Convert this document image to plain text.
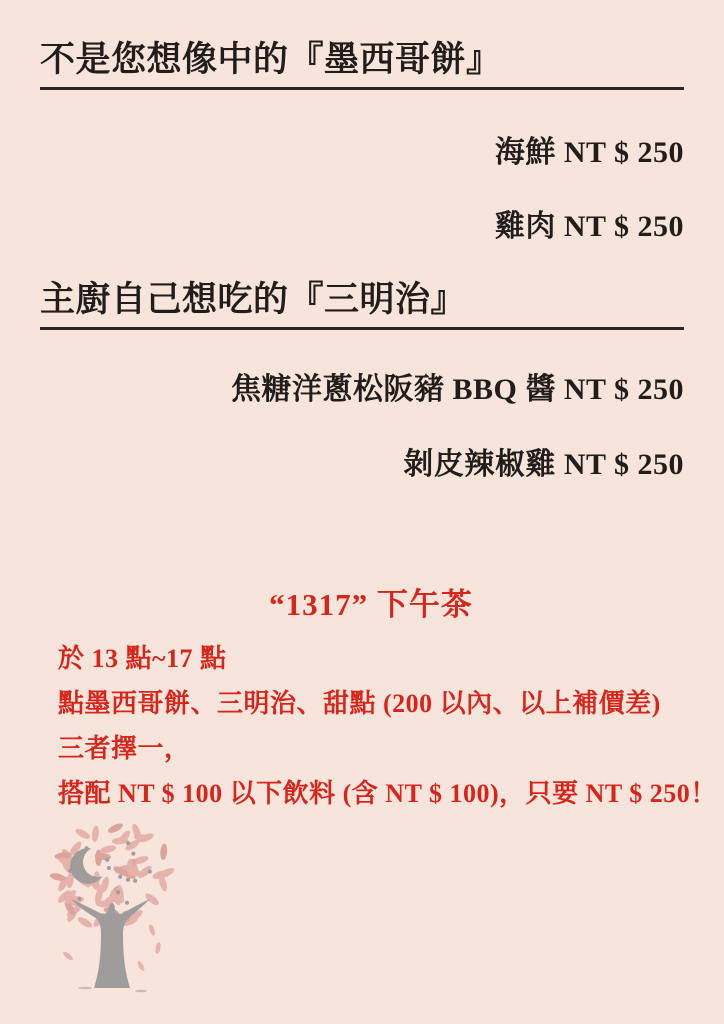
不是您想像中的『墨西哥餅』
海鮮 NT $ 250
雞肉 NT $ 250
主廚自己想吃的『三明治』
焦糖洋蔥松阪豬 BBQ 醬 NT $ 250
剝皮辣椒雞 NT $ 250
“1317” 下午茶
於 13 點~17 點
點墨西哥餅、三明治、甜點 (200 以內、以上補價差)
三者擇一，
搭配 NT $ 100 以下飲料 (含 NT $ 100)，只要 NT $ 250！
